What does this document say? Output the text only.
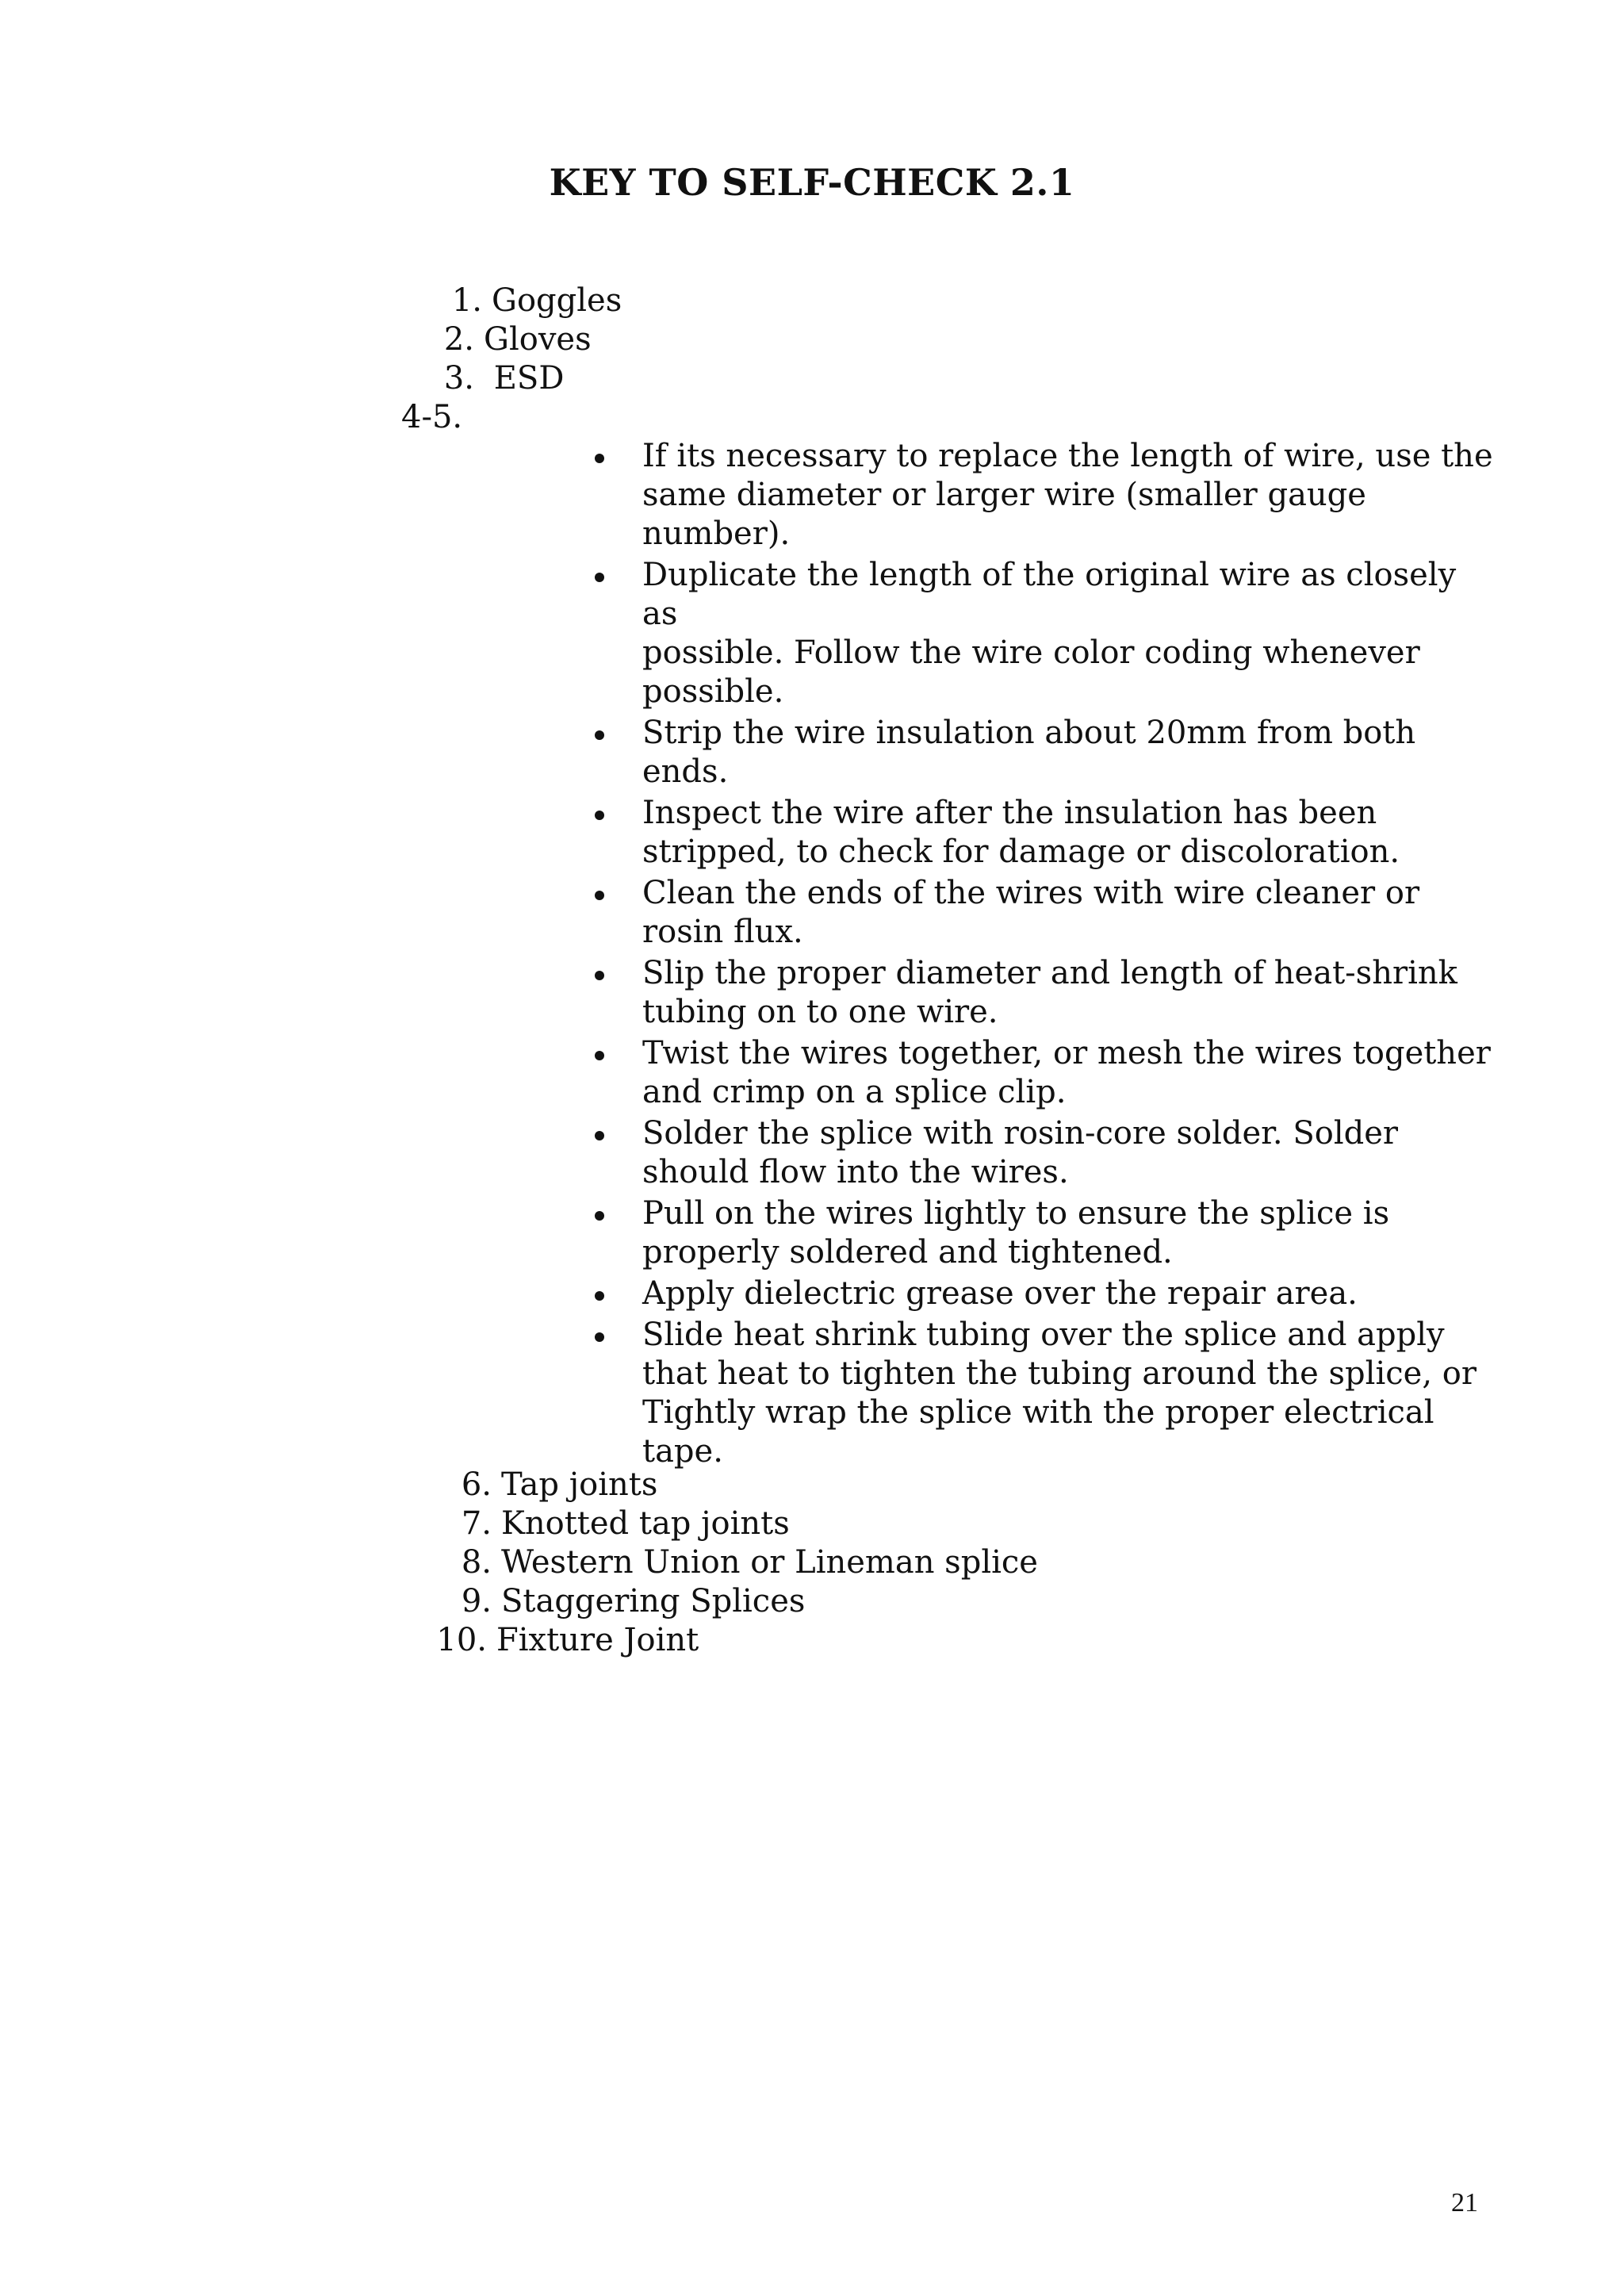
KEY TO SELF-CHECK 2.1
1. Goggles
2. Gloves
3. ESD
4-5.
If its necessary to replace the length of wire, use the
same diameter or larger wire (smaller gauge
number).
Duplicate the length of the original wire as closely as
possible. Follow the wire color coding whenever
possible.
Strip the wire insulation about 20mm from both
ends.
Inspect the wire after the insulation has been
stripped, to check for damage or discoloration.
Clean the ends of the wires with wire cleaner or
rosin flux.
Slip the proper diameter and length of heat-shrink
tubing on to one wire.
Twist the wires together, or mesh the wires together
and crimp on a splice clip.
Solder the splice with rosin-core solder. Solder
should flow into the wires.
Pull on the wires lightly to ensure the splice is
properly soldered and tightened.
Apply dielectric grease over the repair area.
Slide heat shrink tubing over the splice and apply
that heat to tighten the tubing around the splice, or
Tightly wrap the splice with the proper electrical
tape.
6. Tap joints
7. Knotted tap joints
8. Western Union or Lineman splice
9. Staggering Splices
10. Fixture Joint
21
